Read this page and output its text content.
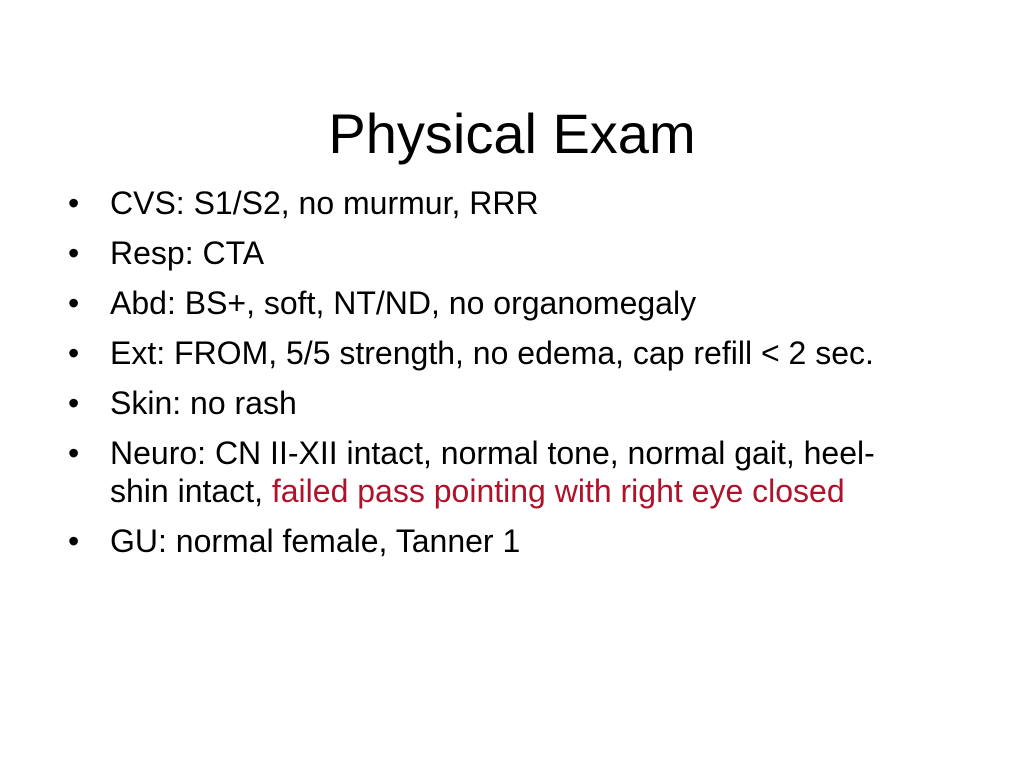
Physical Exam
• CVS: S1/S2, no murmur, RRR
• Resp: CTA
• Abd: BS+, soft, NT/ND, no organomegaly
• Ext: FROM, 5/5 strength, no edema, cap refill < 2 sec.
• Skin: no rash
• Neuro: CN II-XII intact, normal tone, normal gait, heel-shin intact, failed pass pointing with right eye closed
• GU: normal female, Tanner 1
